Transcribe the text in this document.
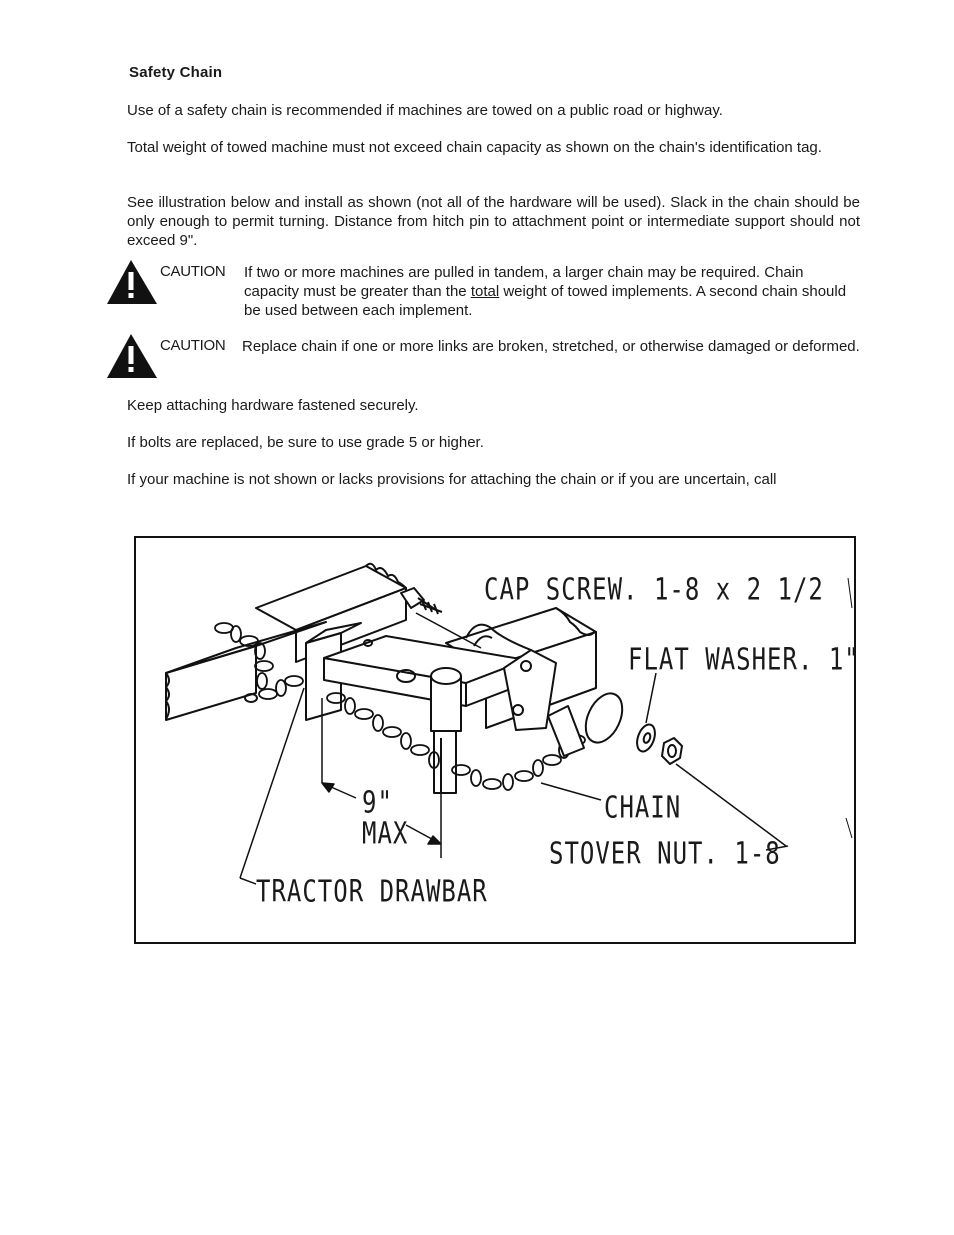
Safety Chain

Use of a safety chain is recommended if machines are towed on a public road or highway.

Total weight of towed machine must not exceed chain capacity as shown on the chain's identification tag.

See illustration below and install as shown (not all of the hardware will be used). Slack in the chain should be only enough to permit turning. Distance from hitch pin to attachment point or intermediate support should not exceed 9".

CAUTION If two or more machines are pulled in tandem, a larger chain may be required. Chain capacity must be greater than the total weight of towed implements. A second chain should be used between each implement.

CAUTION Replace chain if one or more links are broken, stretched, or otherwise damaged or deformed.

Keep attaching hardware fastened securely.

If bolts are replaced, be sure to use grade 5 or higher.

If your machine is not shown or lacks provisions for attaching the chain or if you are uncertain, call

CAP SCREW. 1-8 x 2 1/2
FLAT WASHER. 1"
CHAIN
STOVER NUT. 1-8
TRACTOR DRAWBAR
9"
MAX
